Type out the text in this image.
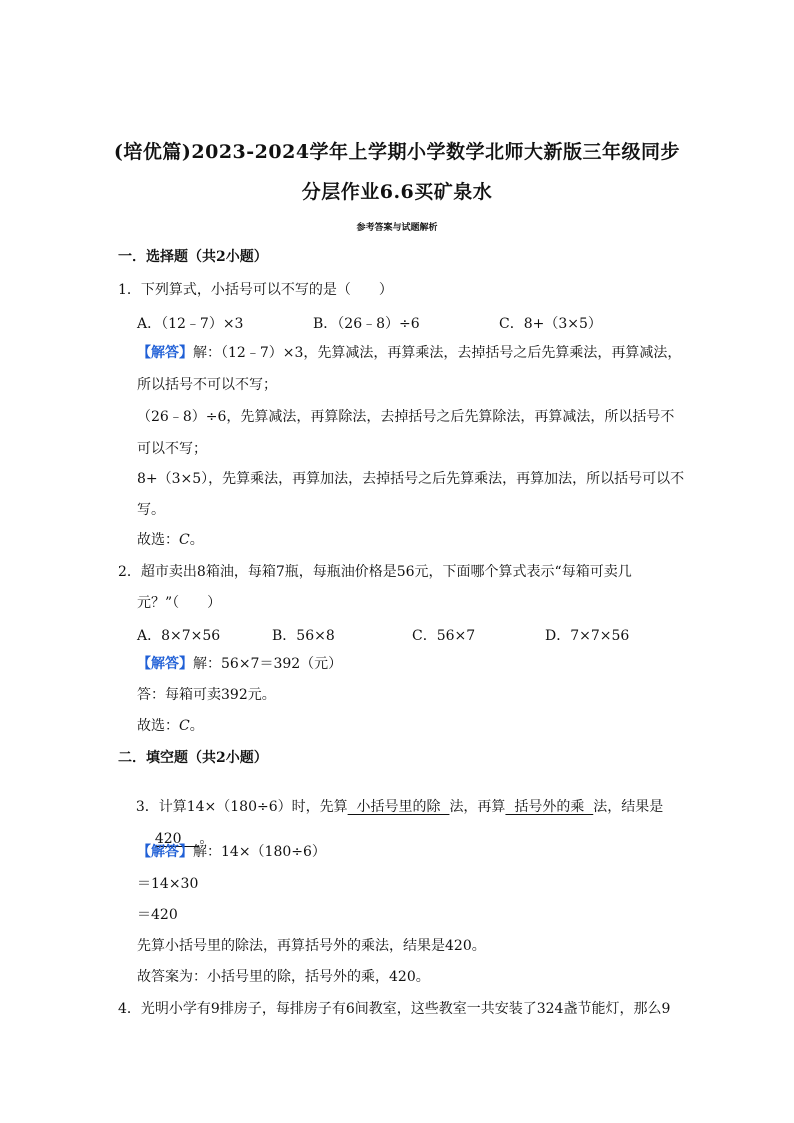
(培优篇)2023-2024学年上学期小学数学北师大新版三年级同步
分层作业6.6买矿泉水
参考答案与试题解析
一．选择题（共2小题）
1．下列算式，小括号可以不写的是（　　）
A．（12﹣7）×3	B．（26﹣8）÷6	C．8+（3×5）
【解答】解：（12﹣7）×3，先算减法，再算乘法，去掉括号之后先算乘法，再算减法，
所以括号不可以不写；
（26﹣8）÷6，先算减法，再算除法，去掉括号之后先算除法，再算减法，所以括号不
可以不写；
8+（3×5），先算乘法，再算加法，去掉括号之后先算乘法，再算加法，所以括号可以不
写。
故选：C。
2．超市卖出8箱油，每箱7瓶，每瓶油价格是56元，下面哪个算式表示“每箱可卖几
元？”（　　）
A．8×7×56	B．56×8	C．56×7	D．7×7×56
【解答】解：56×7＝392（元）
答：每箱可卖392元。
故选：C。
二．填空题（共2小题）

3．计算14×（180÷6）时，先算  小括号里的除  法，再算  括号外的乘  法，结果是

420    。

【解答】解：14×（180÷6）
＝14×30
＝420
先算小括号里的除法，再算括号外的乘法，结果是420。
故答案为：小括号里的除，括号外的乘，420。
4．光明小学有9排房子，每排房子有6间教室，这些教室一共安装了324盏节能灯，那么9
